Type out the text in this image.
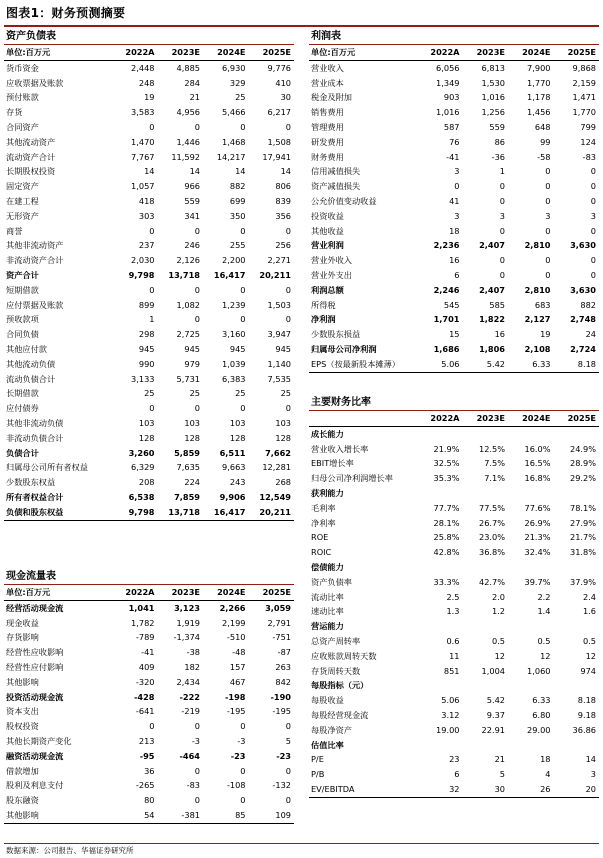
图表1：财务预测摘要
资产负债表
单位:百万元	2022A	2023E	2024E	2025E
货币资金	2,448	4,885	6,930	9,776
应收票据及账款	248	284	329	410
预付账款	19	21	25	30
存货	3,583	4,956	5,466	6,217
合同资产	0	0	0	0
其他流动资产	1,470	1,446	1,468	1,508
流动资产合计	7,767	11,592	14,217	17,941
长期股权投资	14	14	14	14
固定资产	1,057	966	882	806
在建工程	418	559	699	839
无形资产	303	341	350	356
商誉	0	0	0	0
其他非流动资产	237	246	255	256
非流动资产合计	2,030	2,126	2,200	2,271
资产合计	9,798	13,718	16,417	20,211
短期借款	0	0	0	0
应付票据及账款	899	1,082	1,239	1,503
预收款项	1	0	0	0
合同负债	298	2,725	3,160	3,947
其他应付款	945	945	945	945
其他流动负债	990	979	1,039	1,140
流动负债合计	3,133	5,731	6,383	7,535
长期借款	25	25	25	25
应付债券	0	0	0	0
其他非流动负债	103	103	103	103
非流动负债合计	128	128	128	128
负债合计	3,260	5,859	6,511	7,662
归属母公司所有者权益	6,329	7,635	9,663	12,281
少数股东权益	208	224	243	268
所有者权益合计	6,538	7,859	9,906	12,549
负债和股东权益	9,798	13,718	16,417	20,211
利润表
单位:百万元	2022A	2023E	2024E	2025E
营业收入	6,056	6,813	7,900	9,868
营业成本	1,349	1,530	1,770	2,159
税金及附加	903	1,016	1,178	1,471
销售费用	1,016	1,256	1,456	1,770
管理费用	587	559	648	799
研发费用	76	86	99	124
财务费用	-41	-36	-58	-83
信用减值损失	3	1	0	0
资产减值损失	0	0	0	0
公允价值变动收益	41	0	0	0
投资收益	3	3	3	3
其他收益	18	0	0	0
营业利润	2,236	2,407	2,810	3,630
营业外收入	16	0	0	0
营业外支出	6	0	0	0
利润总额	2,246	2,407	2,810	3,630
所得税	545	585	683	882
净利润	1,701	1,822	2,127	2,748
少数股东损益	15	16	19	24
归属母公司净利润	1,686	1,806	2,108	2,724
EPS（按最新股本摊薄）	5.06	5.42	6.33	8.18
主要财务比率
	2022A	2023E	2024E	2025E
成长能力				
营业收入增长率	21.9%	12.5%	16.0%	24.9%
EBIT增长率	32.5%	7.5%	16.5%	28.9%
归母公司净利润增长率	35.3%	7.1%	16.8%	29.2%
获利能力				
毛利率	77.7%	77.5%	77.6%	78.1%
净利率	28.1%	26.7%	26.9%	27.9%
ROE	25.8%	23.0%	21.3%	21.7%
ROIC	42.8%	36.8%	32.4%	31.8%
偿债能力				
资产负债率	33.3%	42.7%	39.7%	37.9%
流动比率	2.5	2.0	2.2	2.4
速动比率	1.3	1.2	1.4	1.6
营运能力				
总资产周转率	0.6	0.5	0.5	0.5
应收账款周转天数	11	12	12	12
存货周转天数	851	1,004	1,060	974
每股指标（元）				
每股收益	5.06	5.42	6.33	8.18
每股经营现金流	3.12	9.37	6.80	9.18
每股净资产	19.00	22.91	29.00	36.86
估值比率				
P/E	23	21	18	14
P/B	6	5	4	3
EV/EBITDA	32	30	26	20
现金流量表
单位:百万元	2022A	2023E	2024E	2025E
经营活动现金流	1,041	3,123	2,266	3,059
现金收益	1,782	1,919	2,199	2,791
存货影响	-789	-1,374	-510	-751
经营性应收影响	-41	-38	-48	-87
经营性应付影响	409	182	157	263
其他影响	-320	2,434	467	842
投资活动现金流	-428	-222	-198	-190
资本支出	-641	-219	-195	-195
股权投资	0	0	0	0
其他长期资产变化	213	-3	-3	5
融资活动现金流	-95	-464	-23	-23
借款增加	36	0	0	0
股利及利息支付	-265	-83	-108	-132
股东融资	80	0	0	0
其他影响	54	-381	85	109
数据来源：公司报告、华福证券研究所
